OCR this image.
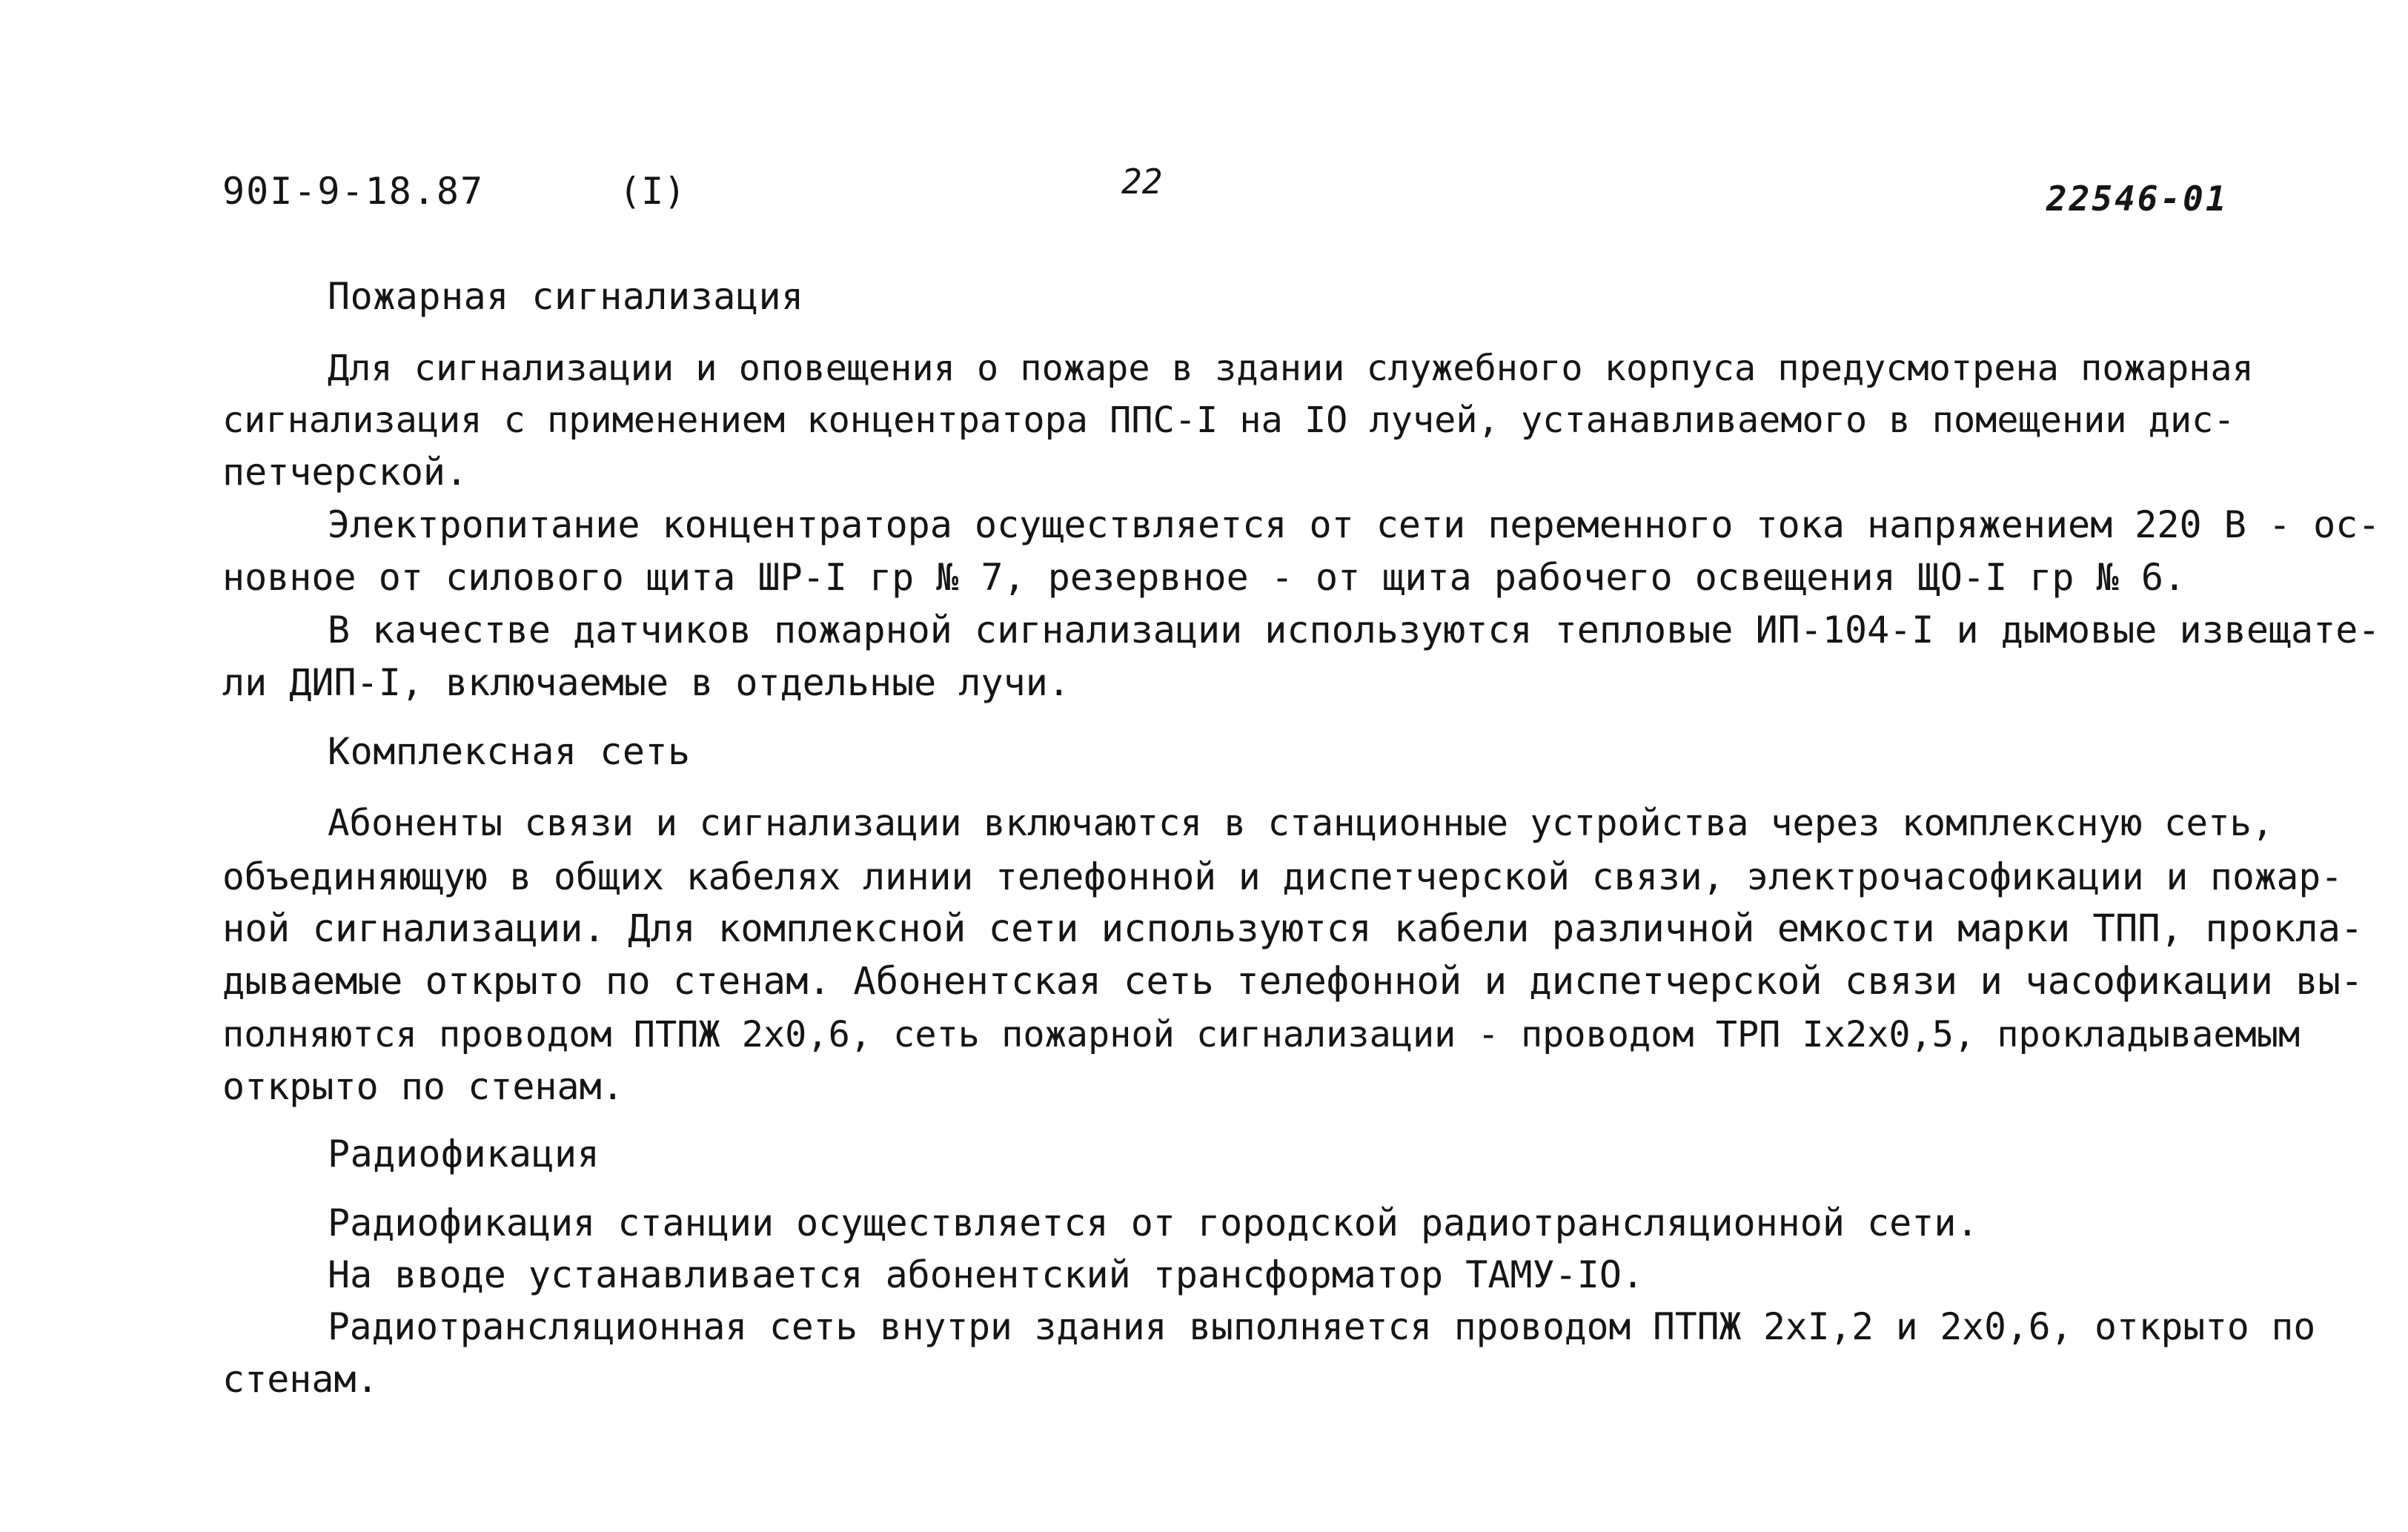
90I-9-18.87	(I)	22	22546-01
Пожарная сигнализация
Для сигнализации и оповещения о пожаре в здании служебного корпуса предусмотрена пожарная
сигнализация с применением концентратора ППС-I на IO лучей, устанавливаемого в помещении дис-
петчерской.
Электропитание концентратора осуществляется от сети переменного тока напряжением 220 В - ос-
новное от силового щита ШР-I гр № 7, резервное - от щита рабочего освещения ЩО-I гр № 6.
В качестве датчиков пожарной сигнализации используются тепловые ИП-104-I и дымовые извещате-
ли ДИП-I, включаемые в отдельные лучи.
Комплексная сеть
Абоненты связи и сигнализации включаются в станционные устройства через комплексную сеть,
объединяющую в общих кабелях линии телефонной и диспетчерской связи, электрочасофикации и пожар-
ной сигнализации. Для комплексной сети используются кабели различной емкости марки ТПП, прокла-
дываемые открыто по стенам. Абонентская сеть телефонной и диспетчерской связи и часофикации вы-
полняются проводом ПТПЖ 2х0,6, сеть пожарной сигнализации - проводом ТРП Iх2х0,5, прокладываемым
открыто по стенам.
Радиофикация
Радиофикация станции осуществляется от городской радиотрансляционной сети.
На вводе устанавливается абонентский трансформатор ТАМУ-IO.
Радиотрансляционная сеть внутри здания выполняется проводом ПТПЖ 2хI,2 и 2х0,6, открыто по
стенам.
